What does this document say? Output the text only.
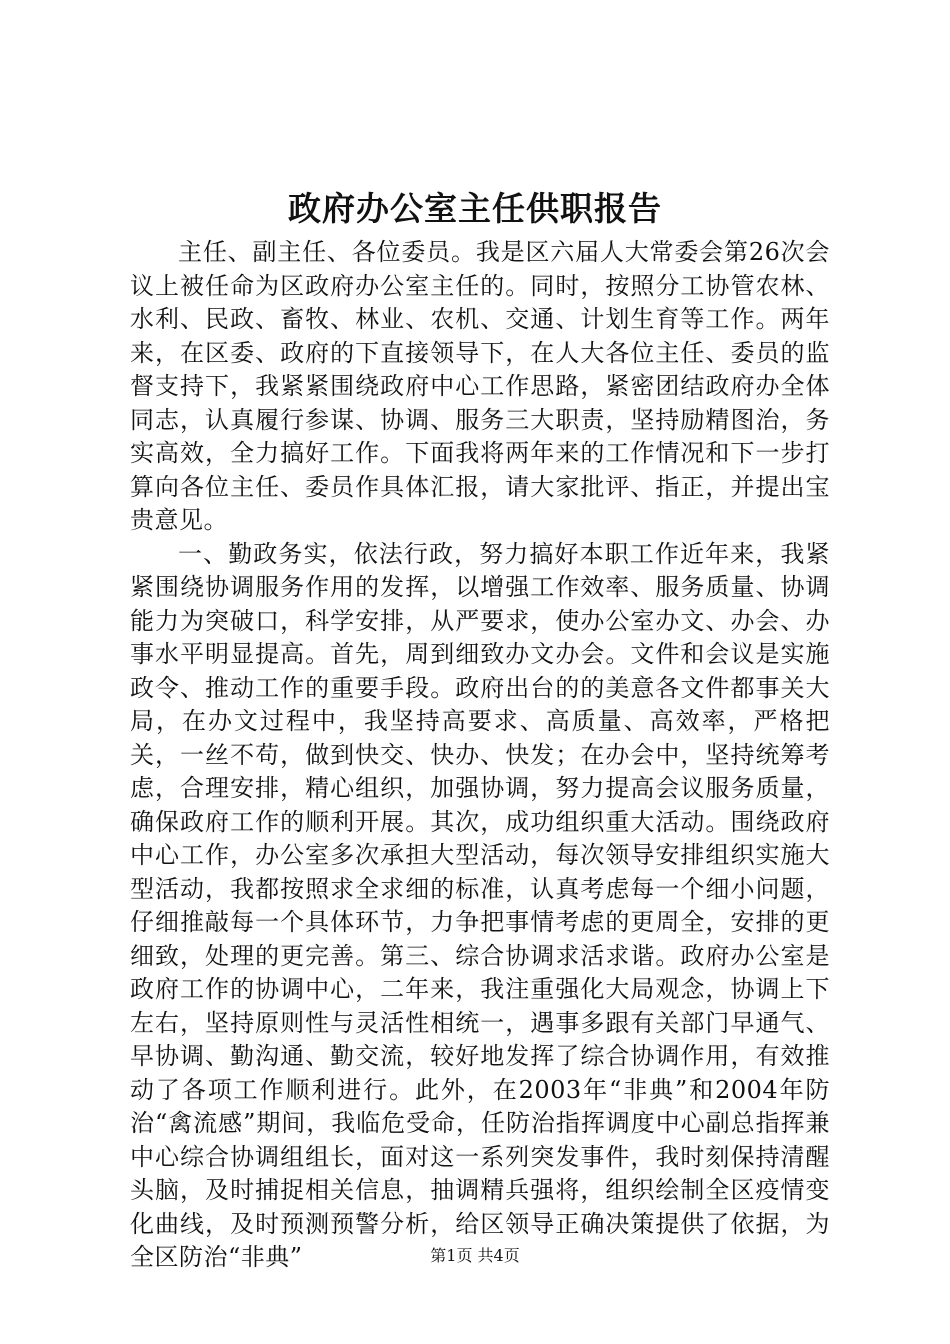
政府办公室主任供职报告

主任、副主任、各位委员。我是区六届人大常委会第26次会议上被任命为区政府办公室主任的。同时，按照分工协管农林、水利、民政、畜牧、林业、农机、交通、计划生育等工作。两年来，在区委、政府的下直接领导下，在人大各位主任、委员的监督支持下，我紧紧围绕政府中心工作思路，紧密团结政府办全体同志，认真履行参谋、协调、服务三大职责，坚持励精图治，务实高效，全力搞好工作。下面我将两年来的工作情况和下一步打算向各位主任、委员作具体汇报，请大家批评、指正，并提出宝贵意见。

一、勤政务实，依法行政，努力搞好本职工作近年来，我紧紧围绕协调服务作用的发挥，以增强工作效率、服务质量、协调能力为突破口，科学安排，从严要求，使办公室办文、办会、办事水平明显提高。首先，周到细致办文办会。文件和会议是实施政令、推动工作的重要手段。政府出台的的美意各文件都事关大局，在办文过程中，我坚持高要求、高质量、高效率，严格把关，一丝不苟，做到快交、快办、快发；在办会中，坚持统筹考虑，合理安排，精心组织，加强协调，努力提高会议服务质量，确保政府工作的顺利开展。其次，成功组织重大活动。围绕政府中心工作，办公室多次承担大型活动，每次领导安排组织实施大型活动，我都按照求全求细的标准，认真考虑每一个细小问题，仔细推敲每一个具体环节，力争把事情考虑的更周全，安排的更细致，处理的更完善。第三、综合协调求活求谐。政府办公室是政府工作的协调中心，二年来，我注重强化大局观念，协调上下左右，坚持原则性与灵活性相统一，遇事多跟有关部门早通气、早协调、勤沟通、勤交流，较好地发挥了综合协调作用，有效推动了各项工作顺利进行。此外，在2003年“非典”和2004年防治“禽流感”期间，我临危受命，任防治指挥调度中心副总指挥兼中心综合协调组组长，面对这一系列突发事件，我时刻保持清醒头脑，及时捕捉相关信息，抽调精兵强将，组织绘制全区疫情变化曲线，及时预测预警分析，给区领导正确决策提供了依据，为全区防治“非典”	第1页 共4页
